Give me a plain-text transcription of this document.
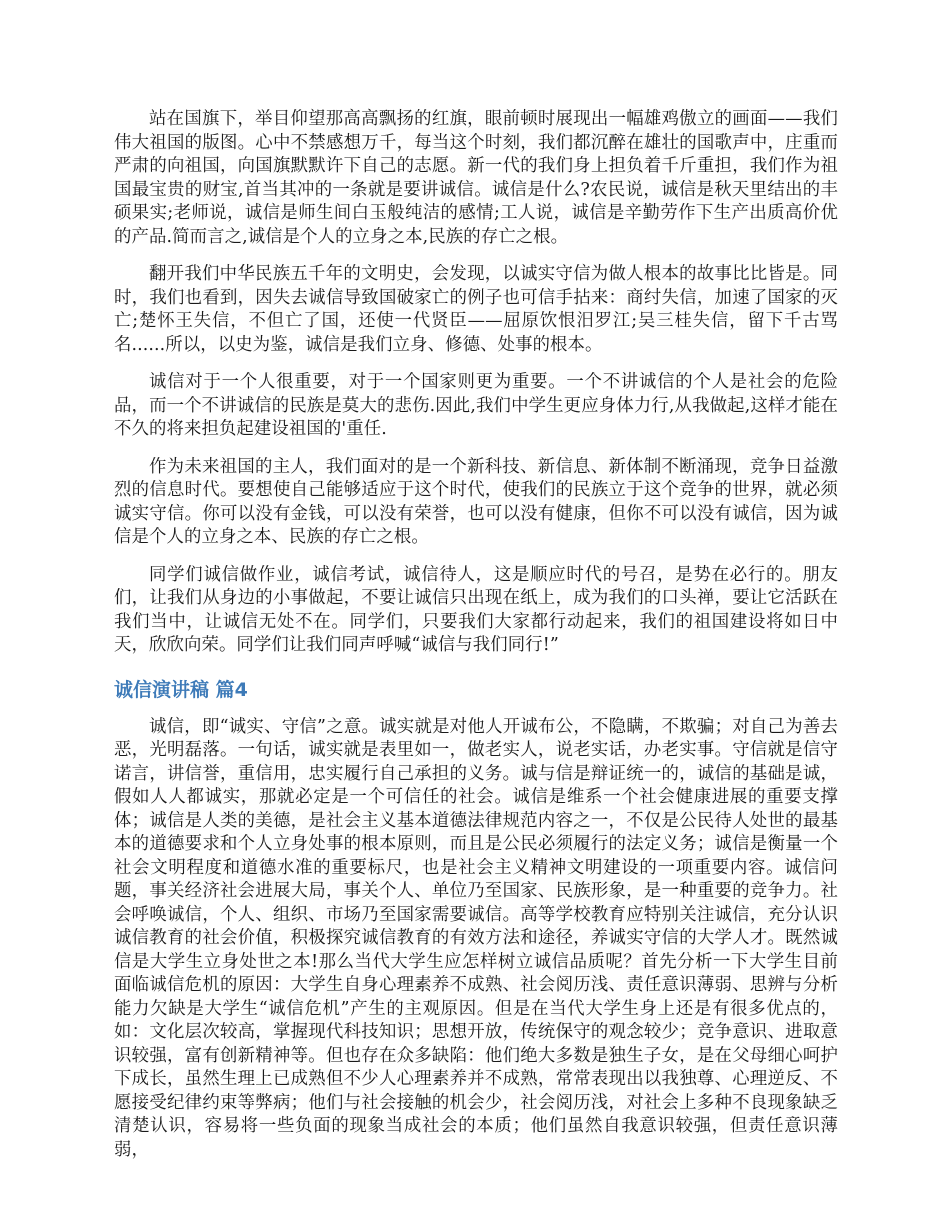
站在国旗下，举目仰望那高高飘扬的红旗，眼前顿时展现出一幅雄鸡傲立的画面——我们伟大祖国的版图。心中不禁感想万千，每当这个时刻，我们都沉醉在雄壮的国歌声中，庄重而严肃的向祖国，向国旗默默许下自己的志愿。新一代的我们身上担负着千斤重担，我们作为祖国最宝贵的财宝,首当其冲的一条就是要讲诚信。诚信是什么?农民说，诚信是秋天里结出的丰硕果实;老师说，诚信是师生间白玉般纯洁的感情;工人说，诚信是辛勤劳作下生产出质高价优的产品.简而言之,诚信是个人的立身之本,民族的存亡之根。

翻开我们中华民族五千年的文明史，会发现，以诚实守信为做人根本的故事比比皆是。同时，我们也看到，因失去诚信导致国破家亡的例子也可信手拈来：商纣失信，加速了国家的灭亡;楚怀王失信，不但亡了国，还使一代贤臣——屈原饮恨汨罗江;吴三桂失信，留下千古骂名......所以，以史为鉴，诚信是我们立身、修德、处事的根本。

诚信对于一个人很重要，对于一个国家则更为重要。一个不讲诚信的个人是社会的危险品，而一个不讲诚信的民族是莫大的悲伤.因此,我们中学生更应身体力行,从我做起,这样才能在不久的将来担负起建设祖国的'重任.

作为未来祖国的主人，我们面对的是一个新科技、新信息、新体制不断涌现，竞争日益激烈的信息时代。要想使自己能够适应于这个时代，使我们的民族立于这个竞争的世界，就必须诚实守信。你可以没有金钱，可以没有荣誉，也可以没有健康，但你不可以没有诚信，因为诚信是个人的立身之本、民族的存亡之根。

同学们诚信做作业，诚信考试，诚信待人，这是顺应时代的号召，是势在必行的。朋友们，让我们从身边的小事做起，不要让诚信只出现在纸上，成为我们的口头禅，要让它活跃在我们当中，让诚信无处不在。同学们，只要我们大家都行动起来，我们的祖国建设将如日中天，欣欣向荣。同学们让我们同声呼喊“诚信与我们同行!”

诚信演讲稿 篇4

诚信，即“诚实、守信”之意。诚实就是对他人开诚布公，不隐瞒，不欺骗；对自己为善去恶，光明磊落。一句话，诚实就是表里如一，做老实人，说老实话，办老实事。守信就是信守诺言，讲信誉，重信用，忠实履行自己承担的义务。诚与信是辩证统一的，诚信的基础是诚，假如人人都诚实，那就必定是一个可信任的社会。诚信是维系一个社会健康进展的重要支撑体；诚信是人类的美德，是社会主义基本道德法律规范内容之一，不仅是公民待人处世的最基本的道德要求和个人立身处事的根本原则，而且是公民必须履行的法定义务；诚信是衡量一个社会文明程度和道德水准的重要标尺，也是社会主义精神文明建设的一项重要内容。诚信问题，事关经济社会进展大局，事关个人、单位乃至国家、民族形象，是一种重要的竞争力。社会呼唤诚信，个人、组织、市场乃至国家需要诚信。高等学校教育应特别关注诚信，充分认识诚信教育的社会价值，积极探究诚信教育的有效方法和途径，养诚实守信的大学人才。既然诚信是大学生立身处世之本!那么当代大学生应怎样树立诚信品质呢？首先分析一下大学生目前面临诚信危机的原因：大学生自身心理素养不成熟、社会阅历浅、责任意识薄弱、思辨与分析能力欠缺是大学生“诚信危机”产生的主观原因。但是在当代大学生身上还是有很多优点的，如：文化层次较高，掌握现代科技知识；思想开放，传统保守的观念较少；竞争意识、进取意识较强，富有创新精神等。但也存在众多缺陷：他们绝大多数是独生子女，是在父母细心呵护下成长，虽然生理上已成熟但不少人心理素养并不成熟，常常表现出以我独尊、心理逆反、不愿接受纪律约束等弊病；他们与社会接触的机会少，社会阅历浅，对社会上多种不良现象缺乏清楚认识，容易将一些负面的现象当成社会的本质；他们虽然自我意识较强，但责任意识薄弱，
